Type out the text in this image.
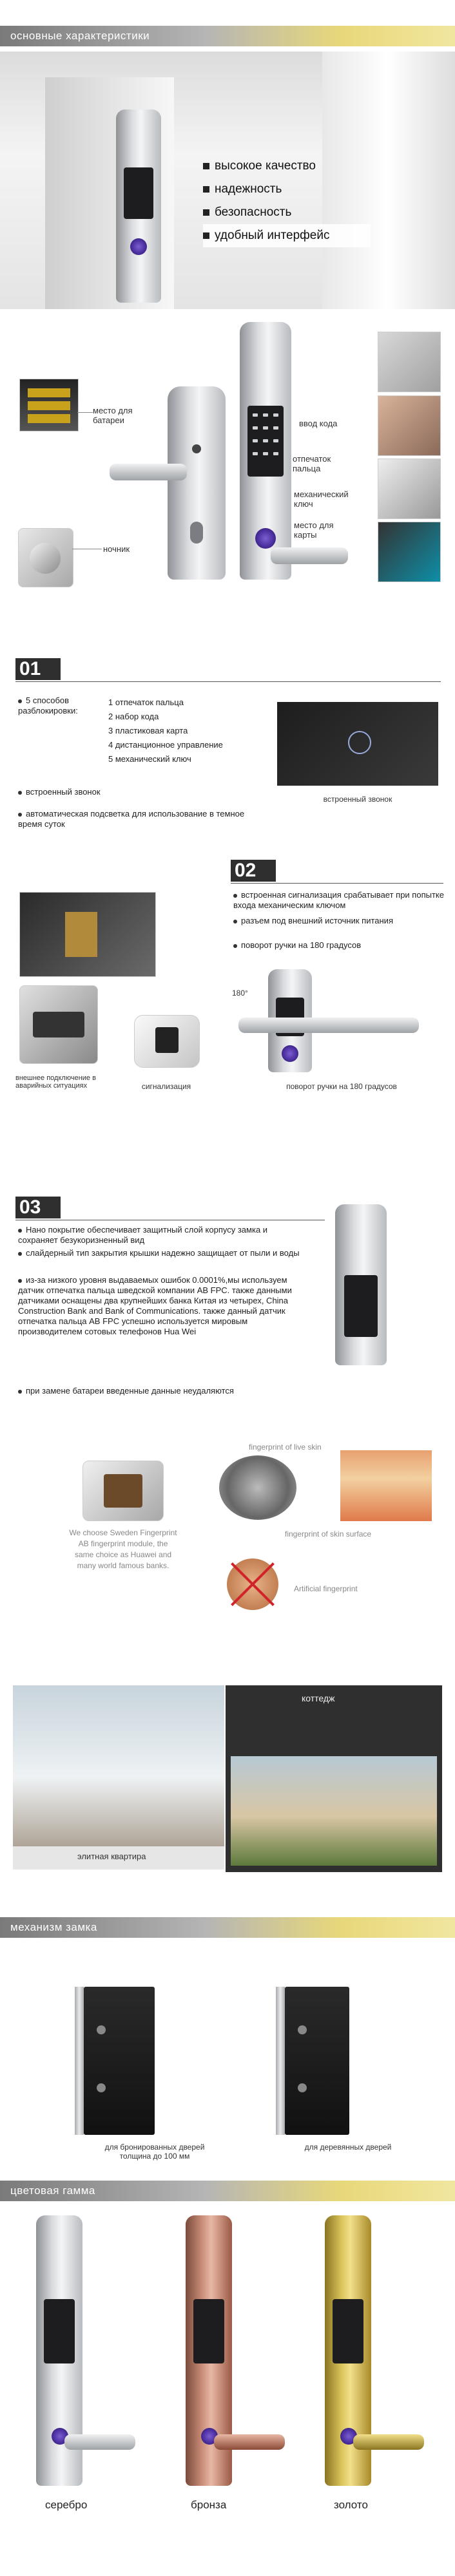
основные характеристики
высокое качество
надежность
безопасность
удобный интерфейс
место для батареи
ночник
ввод кода
отпечаток пальца
механический ключ
место для карты
01
5 способов разблокировки:
1 отпечаток пальца
2 набор кода
3 пластиковая карта
4 дистанционное управление
5 механический ключ
встроенный звонок
автоматическая подсветка для использование в темное время суток
встроенный звонок
02
встроенная сигнализация срабатывает при попытке входа механическим ключом
разъем под внешний источник питания
поворот ручки на 180 градусов
внешнее подключение в аварийных ситуациях	сигнализация
180°
поворот ручки на 180 градусов
03
Нано покрытие обеспечивает защитный слой корпусу замка и сохраняет безукоризненный вид
слайдерный тип закрытия крышки надежно защищает от пыли и воды
из-за низкого уровня выдаваемых ошибок 0.0001%,мы используем датчик отпечатка пальца шведской компании AB FPC. также данными датчиками оснащены два крупнейших банка Китая из четырех, China Construction Bank and Bank of Communications. также данный датчик отпечатка пальца AB FPC успешно используется мировым производителем сотовых телефонов Hua Wei
при замене батареи введенные данные неудаляются
We choose Sweden Fingerprint AB fingerprint module, the same choice as Huawei and many world famous banks.
fingerprint of live skin
fingerprint of skin surface
Artificial fingerprint
элитная квартира
коттедж
механизм замка
для бронированных дверей толщина до 100 мм
для деревянных дверей
цветовая гамма
серебро	бронза	золото
